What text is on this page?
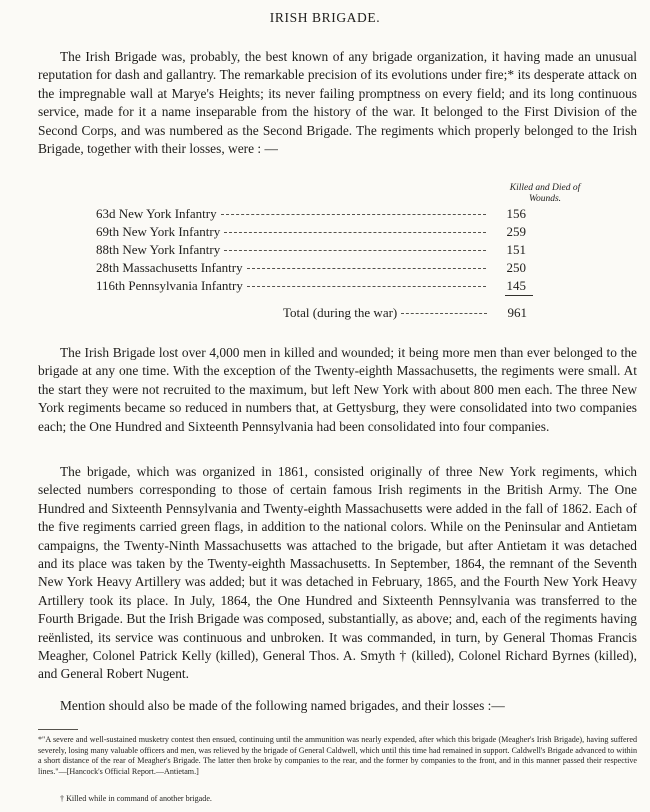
IRISH BRIGADE.

The Irish Brigade was, probably, the best known of any brigade organization, it having made an unusual reputation for dash and gallantry. The remarkable precision of its evolutions under fire;* its desperate attack on the impregnable wall at Marye's Heights; its never failing promptness on every field; and its long continuous service, made for it a name inseparable from the history of the war. It belonged to the First Division of the Second Corps, and was numbered as the Second Brigade. The regiments which properly belonged to the Irish Brigade, together with their losses, were : —

Killed and Died of Wounds.
63d New York Infantry	156
69th New York Infantry	259
88th New York Infantry	151
28th Massachusetts Infantry	250
116th Pennsylvania Infantry	145
Total (during the war)	961

The Irish Brigade lost over 4,000 men in killed and wounded; it being more men than ever belonged to the brigade at any one time. With the exception of the Twenty-eighth Massachusetts, the regiments were small. At the start they were not recruited to the maximum, but left New York with about 800 men each. The three New York regiments became so reduced in numbers that, at Gettysburg, they were consolidated into two companies each; the One Hundred and Sixteenth Pennsylvania had been consolidated into four companies.

The brigade, which was organized in 1861, consisted originally of three New York regiments, which selected numbers corresponding to those of certain famous Irish regiments in the British Army. The One Hundred and Sixteenth Pennsylvania and Twenty-eighth Massachusetts were added in the fall of 1862. Each of the five regiments carried green flags, in addition to the national colors. While on the Peninsular and Antietam campaigns, the Twenty-Ninth Massachusetts was attached to the brigade, but after Antietam it was detached and its place was taken by the Twenty-eighth Massachusetts. In September, 1864, the remnant of the Seventh New York Heavy Artillery was added; but it was detached in February, 1865, and the Fourth New York Heavy Artillery took its place. In July, 1864, the One Hundred and Sixteenth Pennsylvania was transferred to the Fourth Brigade. But the Irish Brigade was composed, substantially, as above; and, each of the regiments having reënlisted, its service was continuous and unbroken. It was commanded, in turn, by General Thomas Francis Meagher, Colonel Patrick Kelly (killed), General Thos. A. Smyth † (killed), Colonel Richard Byrnes (killed), and General Robert Nugent.

Mention should also be made of the following named brigades, and their losses :—

*"A severe and well-sustained musketry contest then ensued, continuing until the ammunition was nearly expended, after which this brigade (Meagher's Irish Brigade), having suffered severely, losing many valuable officers and men, was relieved by the brigade of General Caldwell, which until this time had remained in support. Caldwell's Brigade advanced to within a short distance of the rear of Meagher's Brigade. The latter then broke by companies to the rear, and the former by companies to the front, and in this manner passed their respective lines."—[Hancock's Official Report.—Antietam.]

† Killed while in command of another brigade.
